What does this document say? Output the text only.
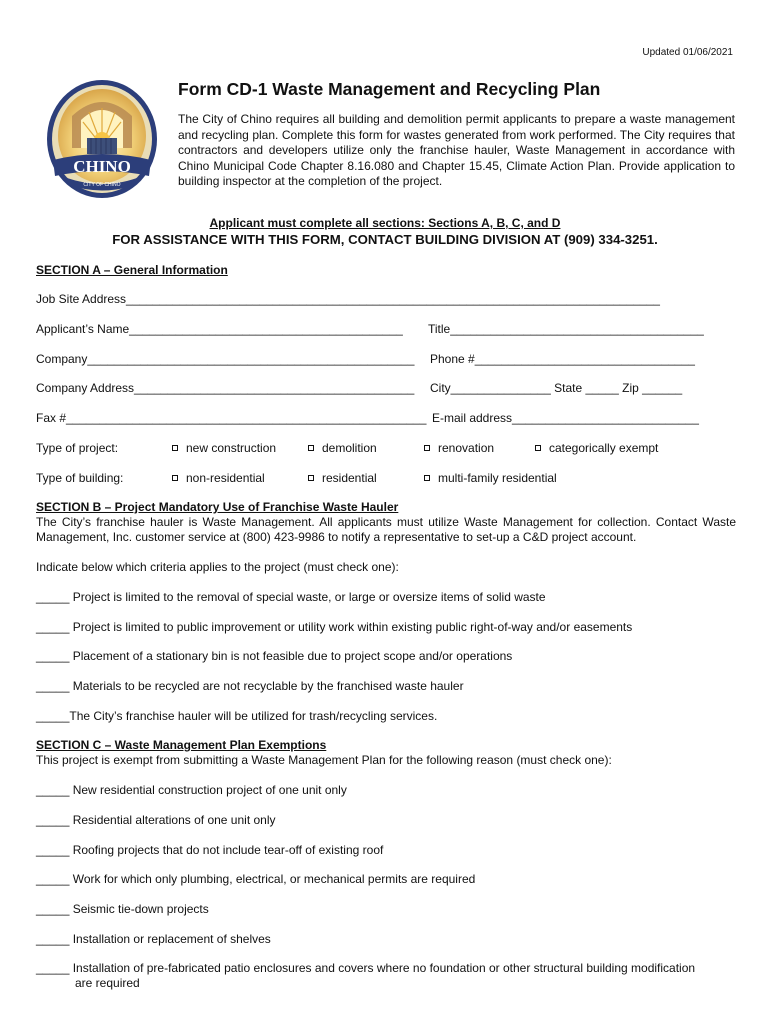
Updated 01/06/2021
CHINO
CITY OF CHINO
Form CD-1 Waste Management and Recycling Plan
The City of Chino requires all building and demolition permit applicants to prepare a waste management and recycling plan. Complete this form for wastes generated from work performed. The City requires that contractors and developers utilize only the franchise hauler, Waste Management in accordance with Chino Municipal Code Chapter 8.16.080 and Chapter 15.45, Climate Action Plan. Provide application to building inspector at the completion of the project.
Applicant must complete all sections: Sections A, B, C, and D
FOR ASSISTANCE WITH THIS FORM, CONTACT BUILDING DIVISION AT (909) 334-3251.
SECTION A – General Information
Job Site Address________________________________________________________________________________
Applicant’s Name_________________________________________ Title______________________________________
Company_________________________________________________ Phone #_________________________________
Company Address__________________________________________ City_______________ State _____ Zip ______
Fax #______________________________________________________ E-mail address____________________________
Type of project:	new construction	demolition	renovation	categorically exempt
Type of building:	non-residential	residential	multi-family residential
SECTION B – Project Mandatory Use of Franchise Waste Hauler
The City’s franchise hauler is Waste Management. All applicants must utilize Waste Management for collection. Contact Waste Management, Inc. customer service at (800) 423-9986 to notify a representative to set-up a C&D project account.
Indicate below which criteria applies to the project (must check one):
_____ Project is limited to the removal of special waste, or large or oversize items of solid waste
_____ Project is limited to public improvement or utility work within existing public right-of-way and/or easements
_____ Placement of a stationary bin is not feasible due to project scope and/or operations
_____ Materials to be recycled are not recyclable by the franchised waste hauler
_____The City’s franchise hauler will be utilized for trash/recycling services.
SECTION C – Waste Management Plan Exemptions
This project is exempt from submitting a Waste Management Plan for the following reason (must check one):
_____ New residential construction project of one unit only
_____ Residential alterations of one unit only
_____ Roofing projects that do not include tear-off of existing roof
_____ Work for which only plumbing, electrical, or mechanical permits are required
_____ Seismic tie-down projects
_____ Installation or replacement of shelves
_____ Installation of pre-fabricated patio enclosures and covers where no foundation or other structural building modification
are required
